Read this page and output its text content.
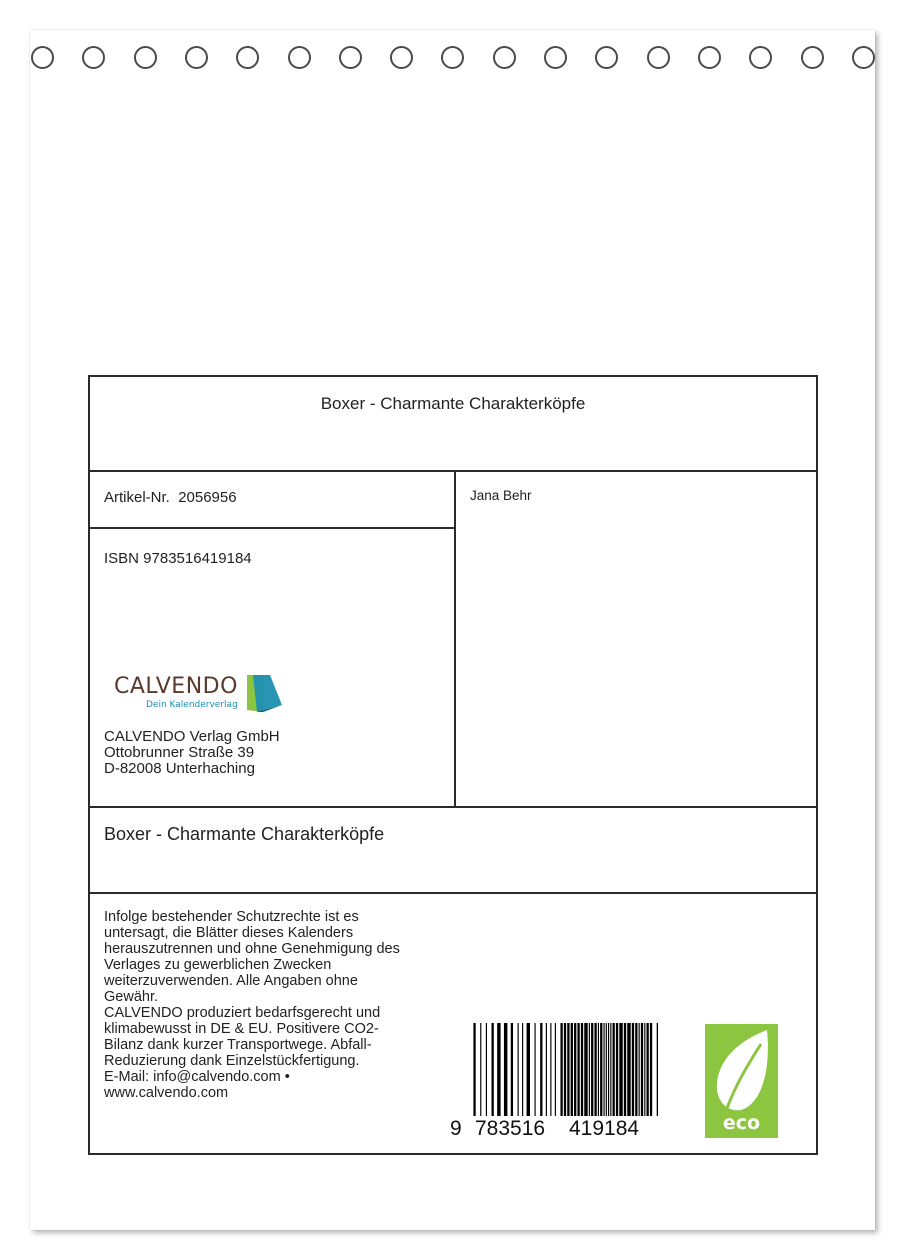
Boxer - Charmante Charakterköpfe
Artikel-Nr. 2056956	Jana Behr
ISBN 9783516419184
CALVENDO
Dein Kalenderverlag
CALVENDO Verlag GmbH
Ottobrunner Straße 39
D-82008 Unterhaching
Boxer - Charmante Charakterköpfe
Infolge bestehender Schutzrechte ist es
untersagt, die Blätter dieses Kalenders
herauszutrennen und ohne Genehmigung des
Verlages zu gewerblichen Zwecken
weiterzuverwenden. Alle Angaben ohne
Gewähr.
CALVENDO produziert bedarfsgerecht und
klimabewusst in DE & EU. Positivere CO2-
Bilanz dank kurzer Transportwege. Abfall-
Reduzierung dank Einzelstückfertigung.
E-Mail: info@calvendo.com •
www.calvendo.com
9 783516 419184	eco
